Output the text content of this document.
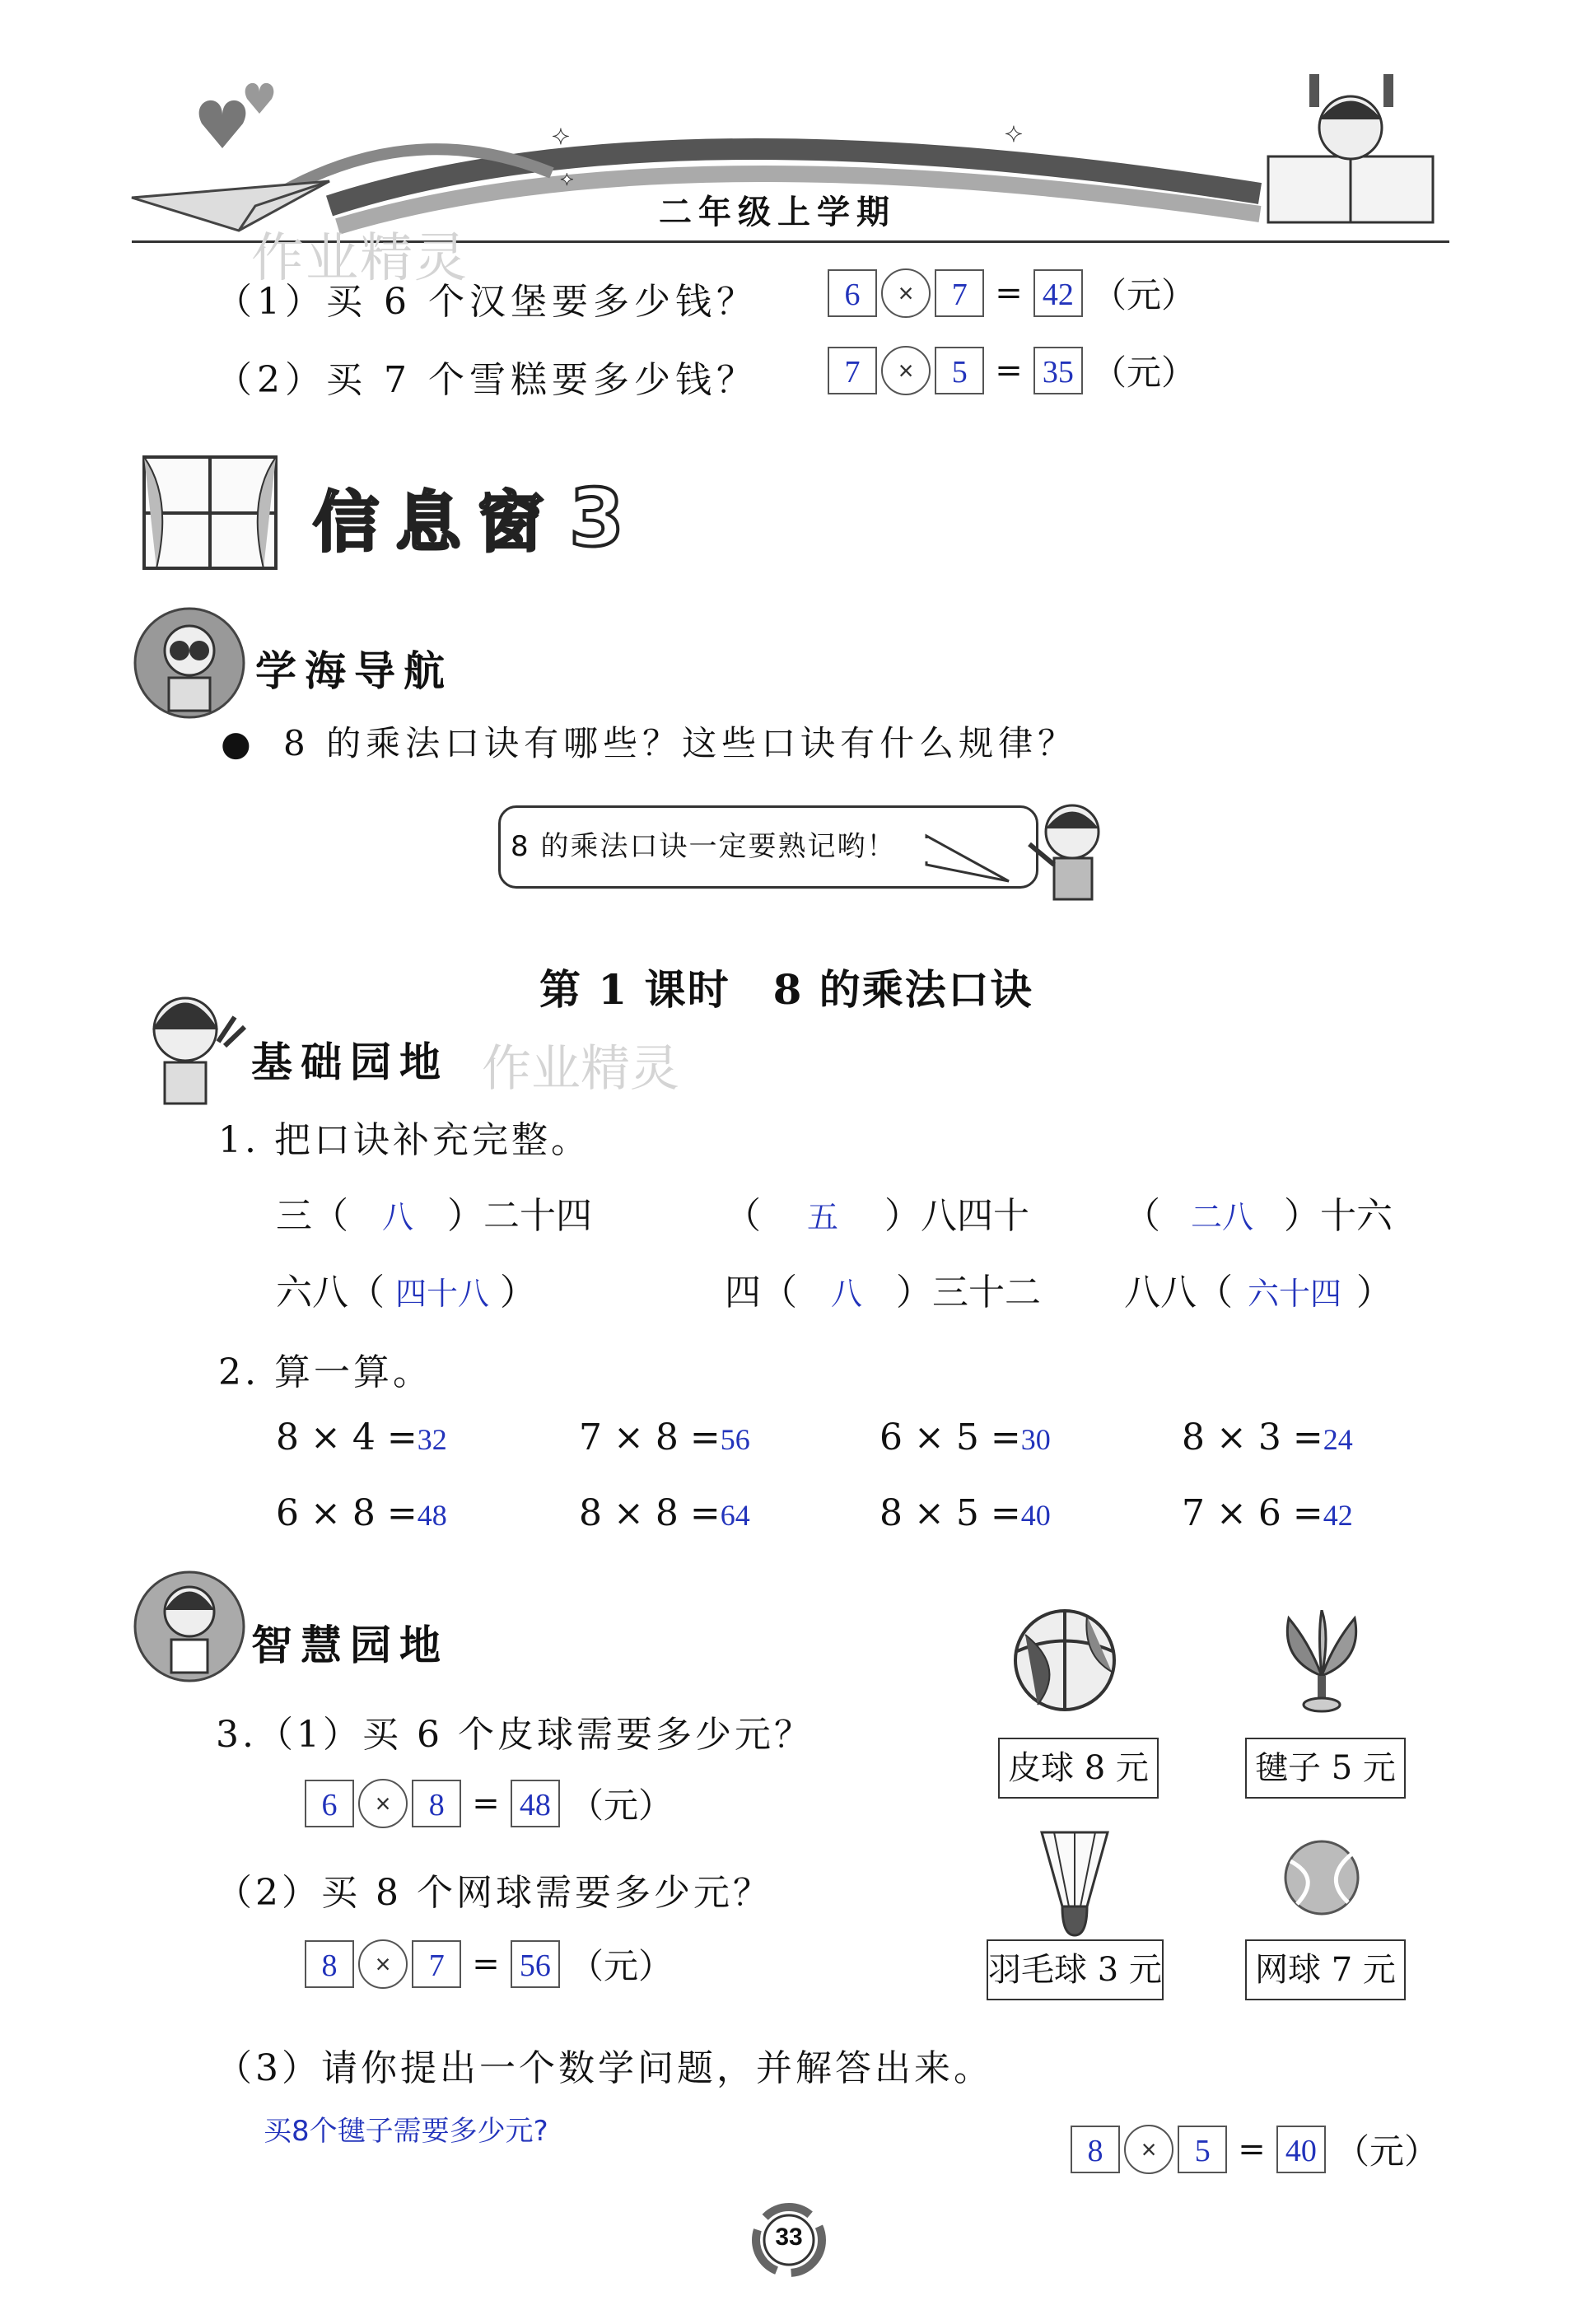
✦	✦
✦
二年级上学期
作业精灵
（1）买 6 个汉堡要多少钱？	6 × 7 = 42 （元）
（2）买 7 个雪糕要多少钱？	7 × 5 = 35 （元）
信息窗 3
学海导航
● 8 的乘法口诀有哪些？这些口诀有什么规律？
8 的乘法口诀一定要熟记哟！
第 1 课时　8 的乘法口诀
基础园地 作业精灵
1. 把口诀补充完整。
三（ 八 ）二十四	（ 五 ）八四十	（ 二八 ）十六
六八（ 四十八 ）	四（ 八 ）三十二 八八（ 六十四 ）
2. 算一算。
8 × 4 =32	7 × 8 =56	6 × 5 =30	8 × 3 =24
6 × 8 =48	8 × 8 =64	8 × 5 =40	7 × 6 =42
智慧园地
3.（1）买 6 个皮球需要多少元？
6 × 8 = 48 （元）
（2）买 8 个网球需要多少元？
8 × 7 = 56 （元）
皮球 8 元	毽子 5 元
羽毛球 3 元	网球 7 元
（3）请你提出一个数学问题，并解答出来。
买8个毽子需要多少元?
8 × 5 = 40 （元）
33
